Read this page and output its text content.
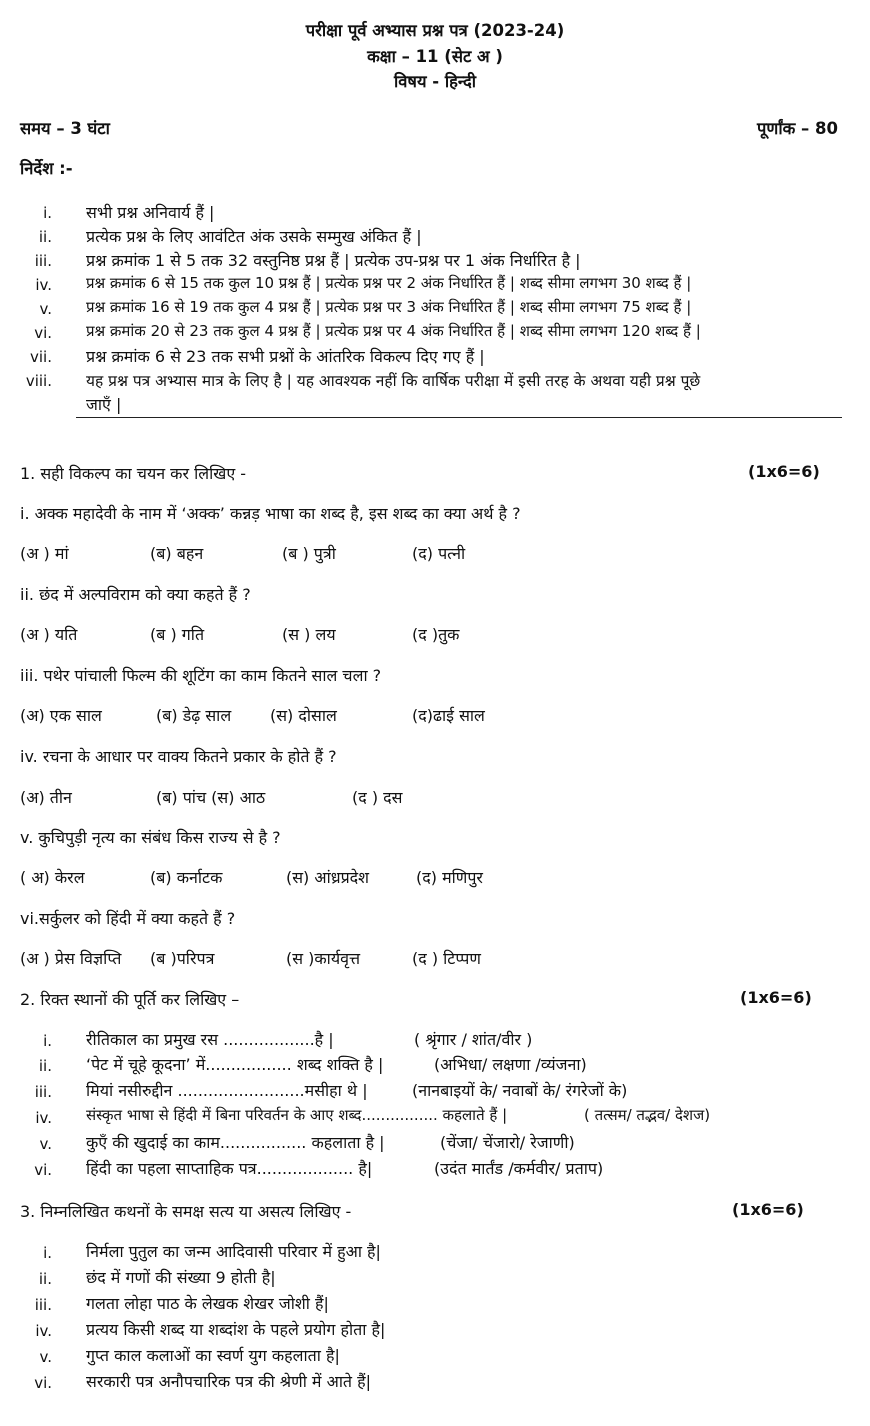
परीक्षा पूर्व अभ्यास प्रश्न पत्र (2023-24)
कक्षा – 11 (सेट अ )
विषय - हिन्दी
समय – 3 घंटा	पूर्णांक – 80
निर्देश :-
i. सभी प्रश्न अनिवार्य हैं |
ii. प्रत्येक प्रश्न के लिए आवंटित अंक उसके सम्मुख अंकित हैं |
iii. प्रश्न क्रमांक 1 से 5 तक 32 वस्तुनिष्ठ प्रश्न हैं | प्रत्येक उप-प्रश्न पर 1 अंक निर्धारित है |
iv. प्रश्न क्रमांक 6 से 15 तक कुल 10 प्रश्न हैं | प्रत्येक प्रश्न पर 2 अंक निर्धारित हैं | शब्द सीमा लगभग 30 शब्द हैं |
v. प्रश्न क्रमांक 16 से 19 तक कुल 4 प्रश्न हैं | प्रत्येक प्रश्न पर 3 अंक निर्धारित हैं | शब्द सीमा लगभग 75 शब्द हैं |
vi. प्रश्न क्रमांक 20 से 23 तक कुल 4 प्रश्न हैं | प्रत्येक प्रश्न पर 4 अंक निर्धारित हैं | शब्द सीमा लगभग 120 शब्द हैं |
vii. प्रश्न क्रमांक 6 से 23 तक सभी प्रश्नों के आंतरिक विकल्प दिए गए हैं |
viii. यह प्रश्न पत्र अभ्यास मात्र के लिए है | यह आवश्यक नहीं कि वार्षिक परीक्षा में इसी तरह के अथवा यही प्रश्न पूछे
जाएँ |
1. सही विकल्प का चयन कर लिखिए -	(1x6=6)
i. अक्क महादेवी के नाम में ‘अक्क’ कन्नड़ भाषा का शब्द है, इस शब्द का क्या अर्थ है ?
(अ ) मां	(ब) बहन	(ब ) पुत्री	(द) पत्नी
ii. छंद में अल्पविराम को क्या कहते हैं ?
(अ ) यति	(ब ) गति	(स ) लय	(द )तुक
iii. पथेर पांचाली फिल्म की शूटिंग का काम कितने साल चला ?
(अ) एक साल	(ब) डेढ़ साल (स) दोसाल	(द)ढाई साल
iv. रचना के आधार पर वाक्य कितने प्रकार के होते हैं ?
(अ) तीन	(ब) पांच (स) आठ	(द ) दस
v. कुचिपुड़ी नृत्य का संबंध किस राज्य से है ?
( अ) केरल	(ब) कर्नाटक	(स) आंध्रप्रदेश	(द) मणिपुर
vi.सर्कुलर को हिंदी में क्या कहते हैं ?
(अ ) प्रेस विज्ञप्ति (ब )परिपत्र	(स )कार्यवृत्त	(द ) टिप्पण
2. रिक्त स्थानों की पूर्ति कर लिखिए –	(1x6=6)
i. रीतिकाल का प्रमुख रस ..................है |	( श्रृंगार / शांत/वीर )
ii. ‘पेट में चूहे कूदना’ में................. शब्द शक्ति है |	(अभिधा/ लक्षणा /व्यंजना)
iii. मियां नसीरुद्दीन .........................मसीहा थे |	(नानबाइयों के/ नवाबों के/ रंगरेजों के)
iv. संस्कृत भाषा से हिंदी में बिना परिवर्तन के आए शब्द................ कहलाते हैं |	( तत्सम/ तद्भव/ देशज)
v. कुएँ की खुदाई का काम................. कहलाता है |	(चेंजा/ चेंजारो/ रेजाणी)
vi. हिंदी का पहला साप्ताहिक पत्र................... है|	(उदंत मार्तंड /कर्मवीर/ प्रताप)
3. निम्नलिखित कथनों के समक्ष सत्य या असत्य लिखिए -	(1x6=6)
i. निर्मला पुतुल का जन्म आदिवासी परिवार में हुआ है|
ii. छंद में गणों की संख्या 9 होती है|
iii. गलता लोहा पाठ के लेखक शेखर जोशी हैं|
iv. प्रत्यय किसी शब्द या शब्दांश के पहले प्रयोग होता है|
v. गुप्त काल कलाओं का स्वर्ण युग कहलाता है|
vi. सरकारी पत्र अनौपचारिक पत्र की श्रेणी में आते हैं|
